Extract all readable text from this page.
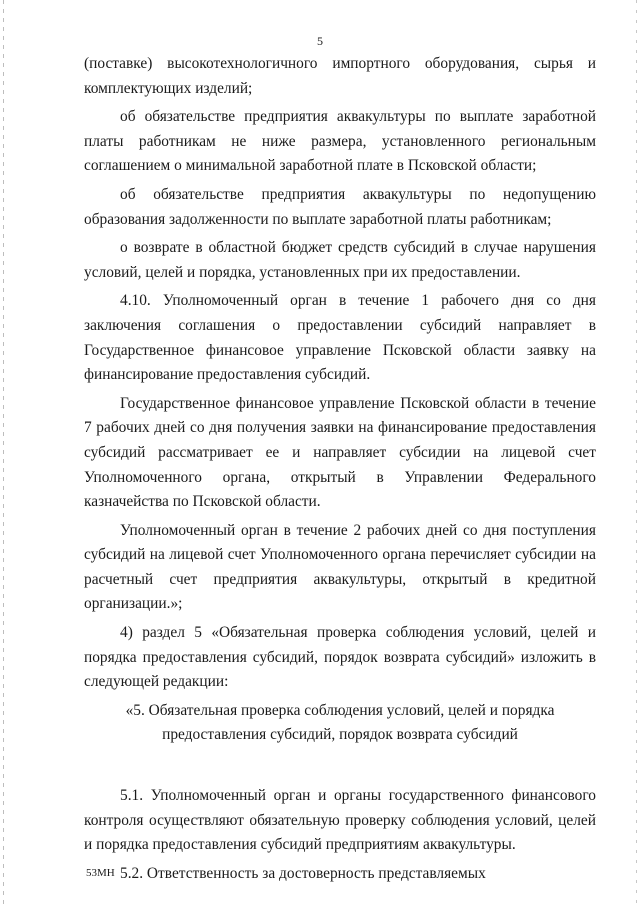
5

(поставке) высокотехнологичного импортного оборудования, сырья и комплектующих изделий;

об обязательстве предприятия аквакультуры по выплате заработной платы работникам не ниже размера, установленного региональным соглашением о минимальной заработной плате в Псковской области;

об обязательстве предприятия аквакультуры по недопущению образования задолженности по выплате заработной платы работникам;

о возврате в областной бюджет средств субсидий в случае нарушения условий, целей и порядка, установленных при их предоставлении.

4.10. Уполномоченный орган в течение 1 рабочего дня со дня заключения соглашения о предоставлении субсидий направляет в Государственное финансовое управление Псковской области заявку на финансирование предоставления субсидий.

Государственное финансовое управление Псковской области в течение 7 рабочих дней со дня получения заявки на финансирование предоставления субсидий рассматривает ее и направляет субсидии на лицевой счет Уполномоченного органа, открытый в Управлении Федерального казначейства по Псковской области.

Уполномоченный орган в течение 2 рабочих дней со дня поступления субсидий на лицевой счет Уполномоченного органа перечисляет субсидии на расчетный счет предприятия аквакультуры, открытый в кредитной организации.»;

4) раздел 5 «Обязательная проверка соблюдения условий, целей и порядка предоставления субсидий, порядок возврата субсидий» изложить в следующей редакции:

«5. Обязательная проверка соблюдения условий, целей и порядка предоставления субсидий, порядок возврата субсидий

5.1. Уполномоченный орган и органы государственного финансового контроля осуществляют обязательную проверку соблюдения условий, целей и порядка предоставления субсидий предприятиям аквакультуры.

5.2. Ответственность за достоверность представляемых

53МН
